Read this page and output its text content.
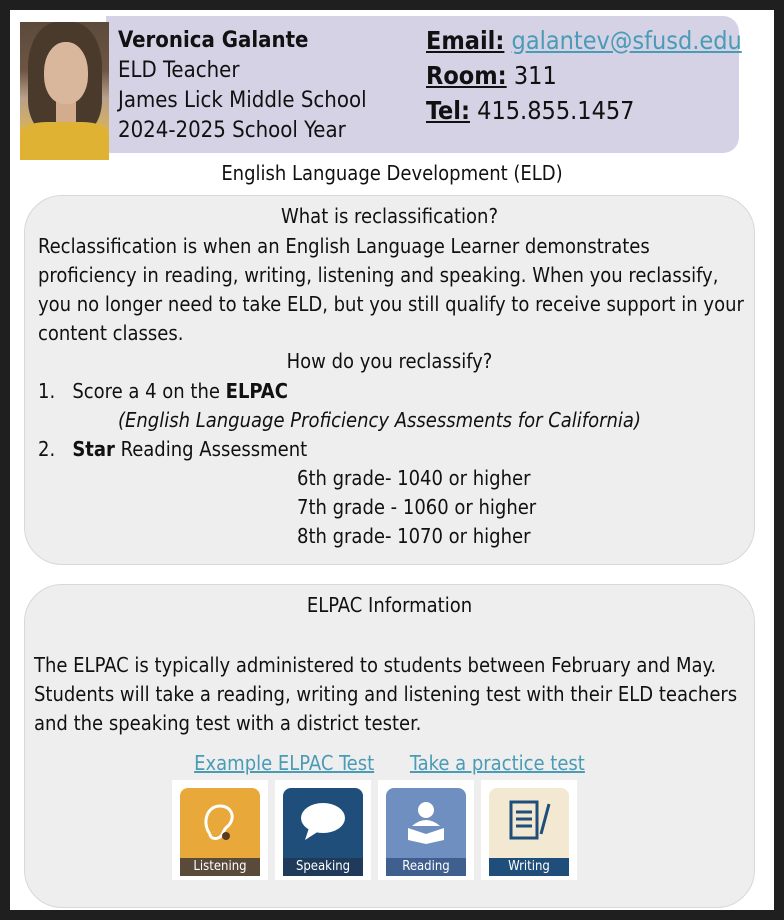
Veronica Galante
ELD Teacher
James Lick Middle School
2024-2025 School Year
Email: galantev@sfusd.edu
Room: 311
Tel: 415.855.1457
English Language Development (ELD)
What is reclassification?
Reclassification is when an English Language Learner demonstrates proficiency in reading, writing, listening and speaking. When you reclassify, you no longer need to take ELD, but you still qualify to receive support in your content classes.
How do you reclassify?
1. Score a 4 on the ELPAC
(English Language Proficiency Assessments for California)
2. Star Reading Assessment
6th grade- 1040 or higher
7th grade - 1060 or higher
8th grade- 1070 or higher
ELPAC Information
The ELPAC is typically administered to students between February and May. Students will take a reading, writing and listening test with their ELD teachers and the speaking test with a district tester.
Example ELPAC Test Take a practice test
Listening	Speaking	Reading	Writing
